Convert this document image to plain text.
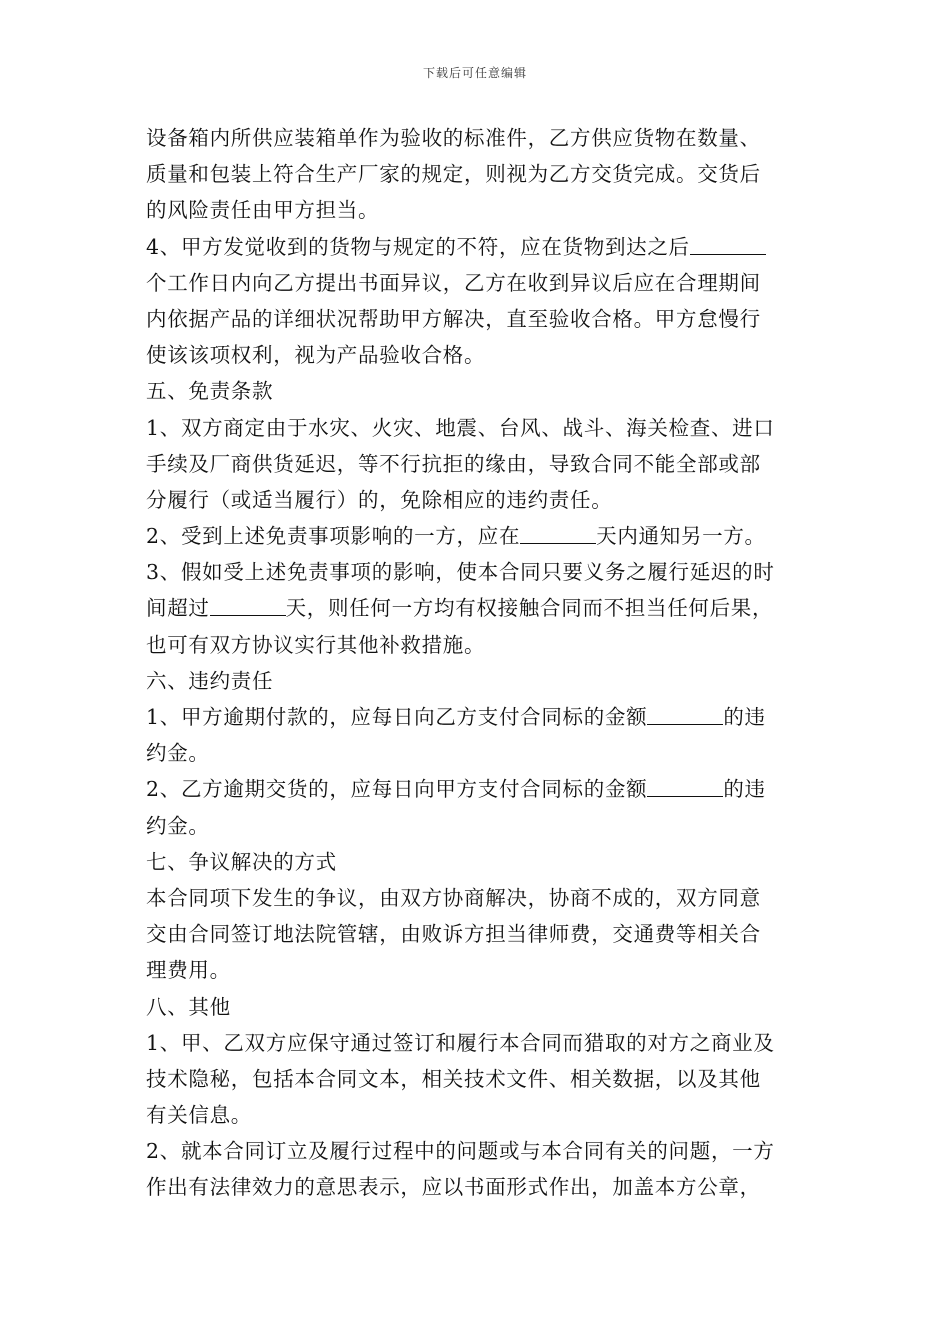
下载后可任意编辑
设备箱内所供应装箱单作为验收的标准件，乙方供应货物在数量、
质量和包装上符合生产厂家的规定，则视为乙方交货完成。交货后
的风险责任由甲方担当。
4、甲方发觉收到的货物与规定的不符，应在货物到达之后
个工作日内向乙方提出书面异议，乙方在收到异议后应在合理期间
内依据产品的详细状况帮助甲方解决，直至验收合格。甲方怠慢行
使该该项权利，视为产品验收合格。
五、免责条款
1、双方商定由于水灾、火灾、地震、台风、战斗、海关检查、进口
手续及厂商供货延迟，等不行抗拒的缘由，导致合同不能全部或部
分履行（或适当履行）的，免除相应的违约责任。
2、受到上述免责事项影响的一方，应在	天内通知另一方。
3、假如受上述免责事项的影响，使本合同只要义务之履行延迟的时
间超过	天，则任何一方均有权接触合同而不担当任何后果，
也可有双方协议实行其他补救措施。
六、违约责任
1、甲方逾期付款的，应每日向乙方支付合同标的金额	的违
约金。
2、乙方逾期交货的，应每日向甲方支付合同标的金额	的违
约金。
七、争议解决的方式
本合同项下发生的争议，由双方协商解决，协商不成的，双方同意
交由合同签订地法院管辖，由败诉方担当律师费，交通费等相关合
理费用。
八、其他
1、甲、乙双方应保守通过签订和履行本合同而猎取的对方之商业及
技术隐秘，包括本合同文本，相关技术文件、相关数据，以及其他
有关信息。
2、就本合同订立及履行过程中的问题或与本合同有关的问题，一方
作出有法律效力的意思表示，应以书面形式作出，加盖本方公章，
